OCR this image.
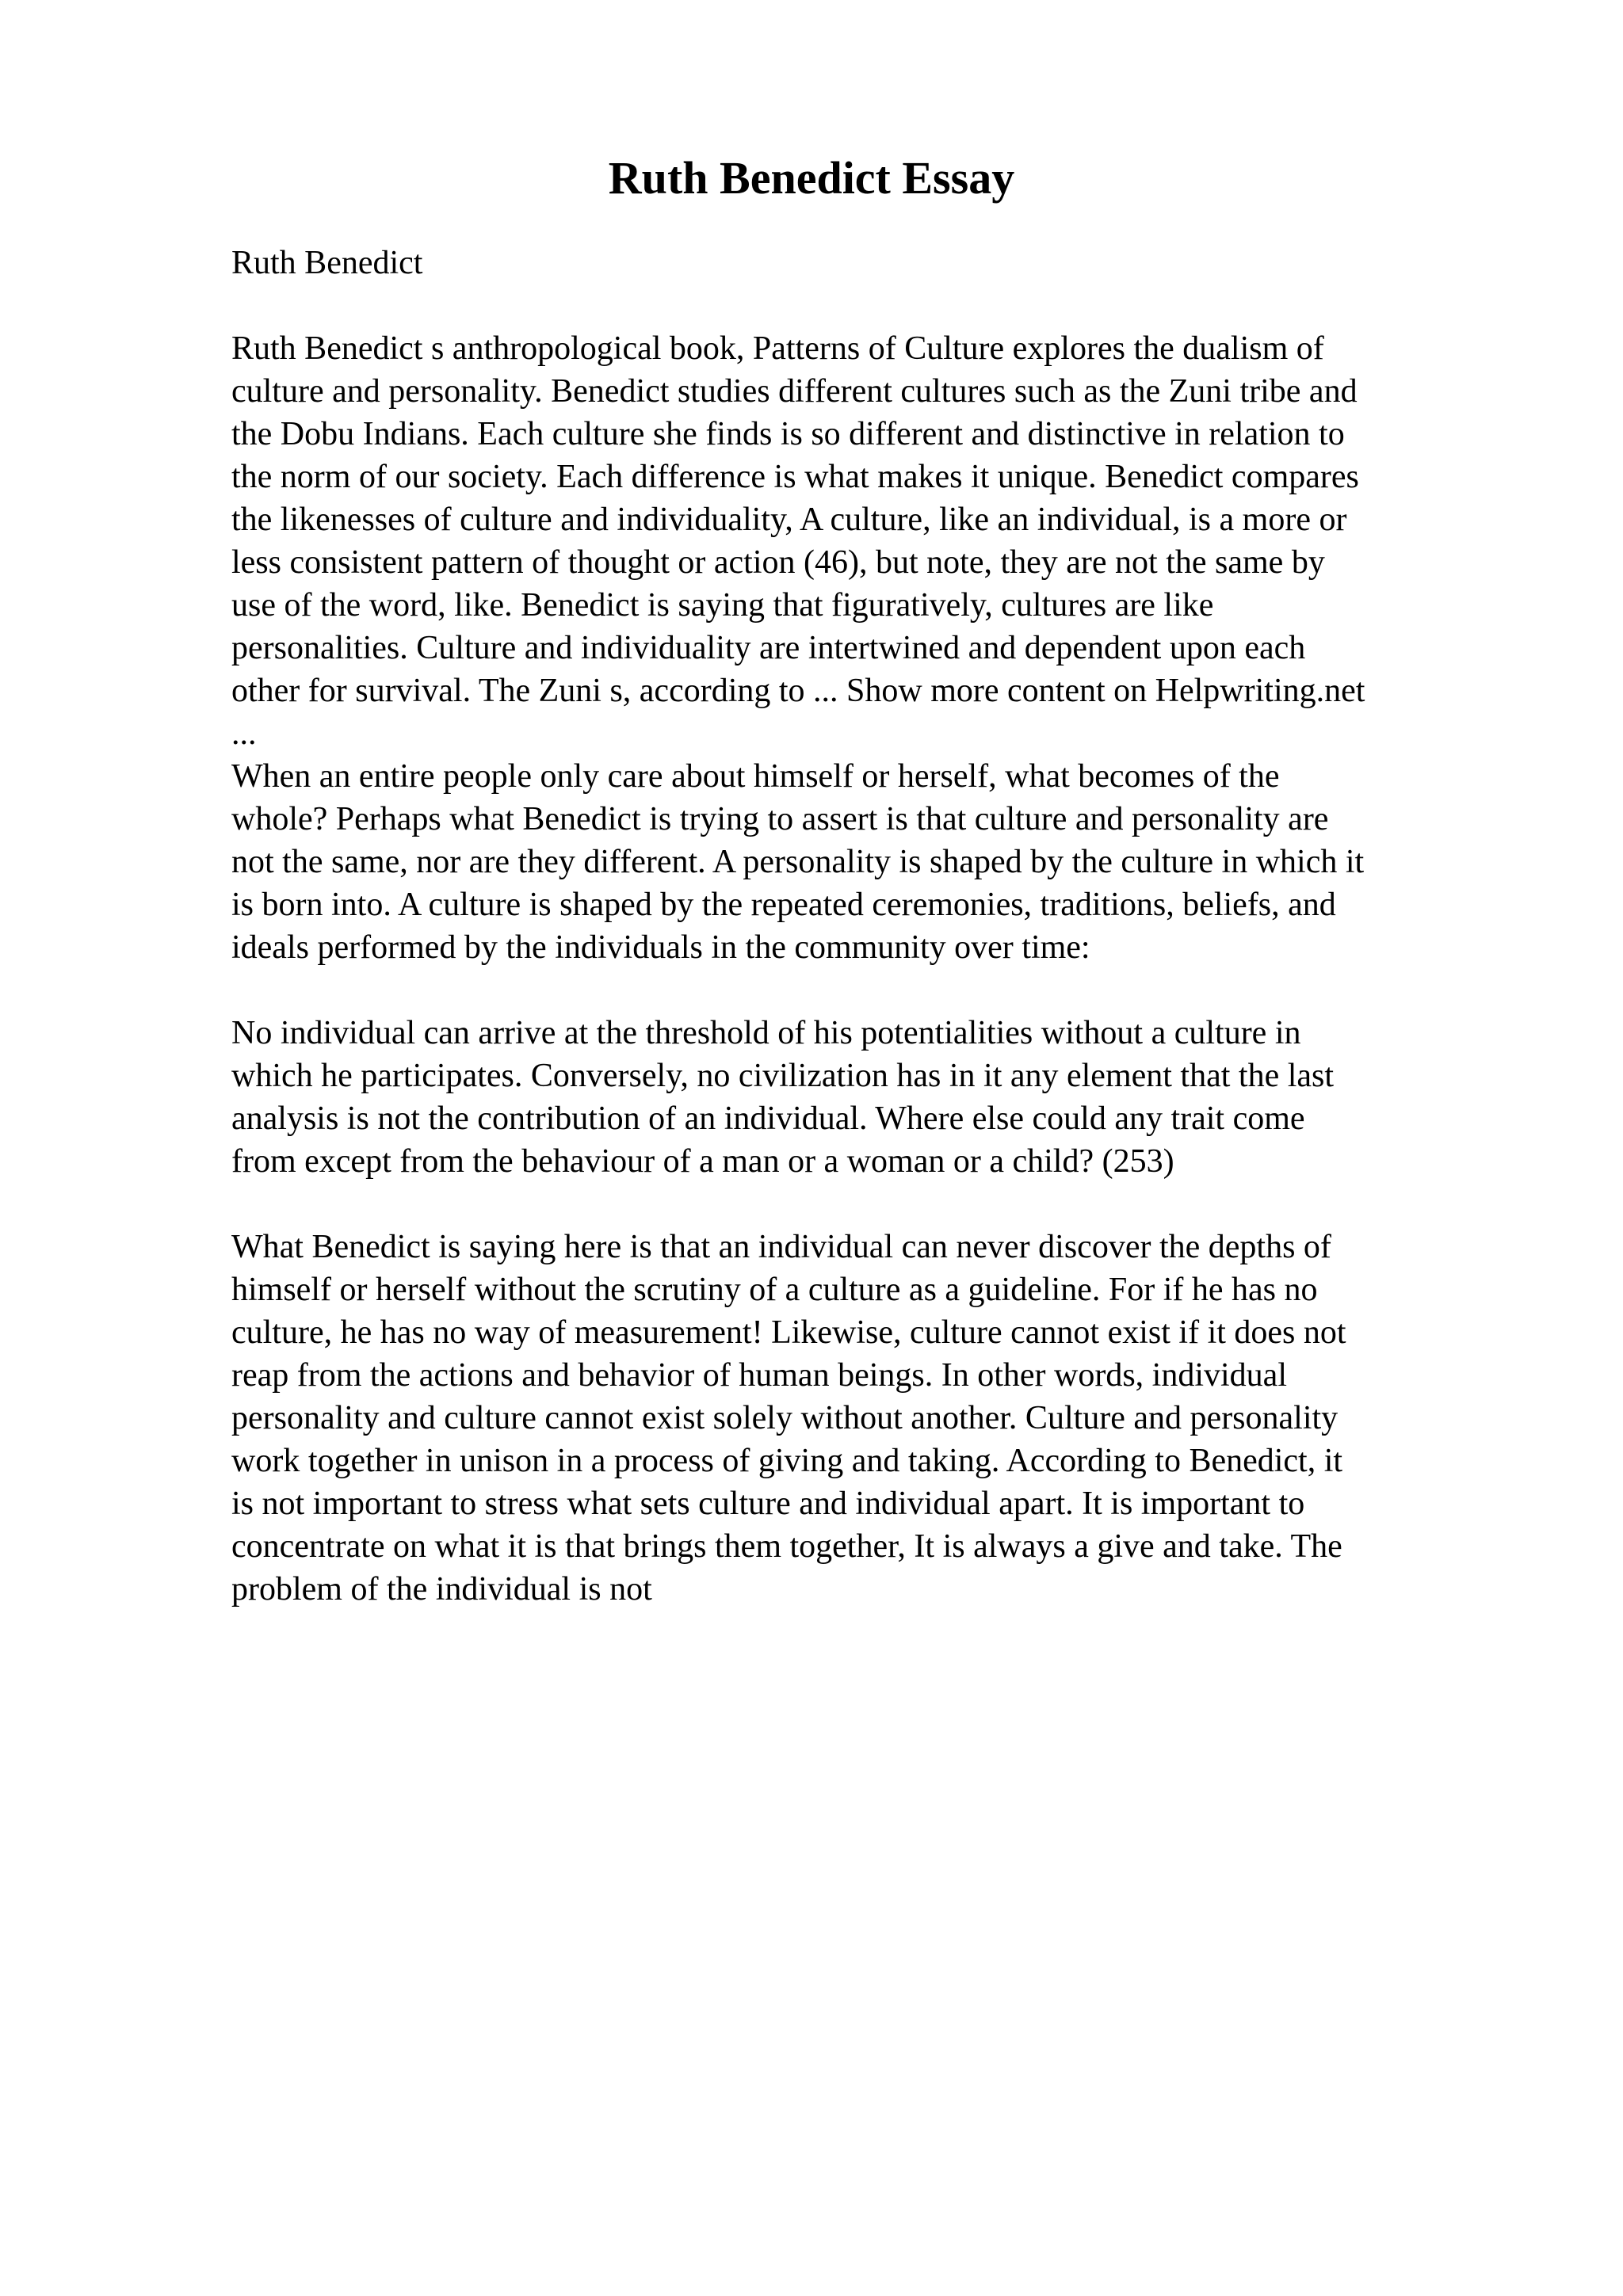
Ruth Benedict Essay

Ruth Benedict

Ruth Benedict s anthropological book, Patterns of Culture explores the dualism of
culture and personality. Benedict studies different cultures such as the Zuni tribe and
the Dobu Indians. Each culture she finds is so different and distinctive in relation to
the norm of our society. Each difference is what makes it unique. Benedict compares
the likenesses of culture and individuality, A culture, like an individual, is a more or
less consistent pattern of thought or action (46), but note, they are not the same by
use of the word, like. Benedict is saying that figuratively, cultures are like
personalities. Culture and individuality are intertwined and dependent upon each
other for survival. The Zuni s, according to ... Show more content on Helpwriting.net
...
When an entire people only care about himself or herself, what becomes of the
whole? Perhaps what Benedict is trying to assert is that culture and personality are
not the same, nor are they different. A personality is shaped by the culture in which it
is born into. A culture is shaped by the repeated ceremonies, traditions, beliefs, and
ideals performed by the individuals in the community over time:

No individual can arrive at the threshold of his potentialities without a culture in
which he participates. Conversely, no civilization has in it any element that the last
analysis is not the contribution of an individual. Where else could any trait come
from except from the behaviour of a man or a woman or a child? (253)

What Benedict is saying here is that an individual can never discover the depths of
himself or herself without the scrutiny of a culture as a guideline. For if he has no
culture, he has no way of measurement! Likewise, culture cannot exist if it does not
reap from the actions and behavior of human beings. In other words, individual
personality and culture cannot exist solely without another. Culture and personality
work together in unison in a process of giving and taking. According to Benedict, it
is not important to stress what sets culture and individual apart. It is important to
concentrate on what it is that brings them together, It is always a give and take. The
problem of the individual is not
